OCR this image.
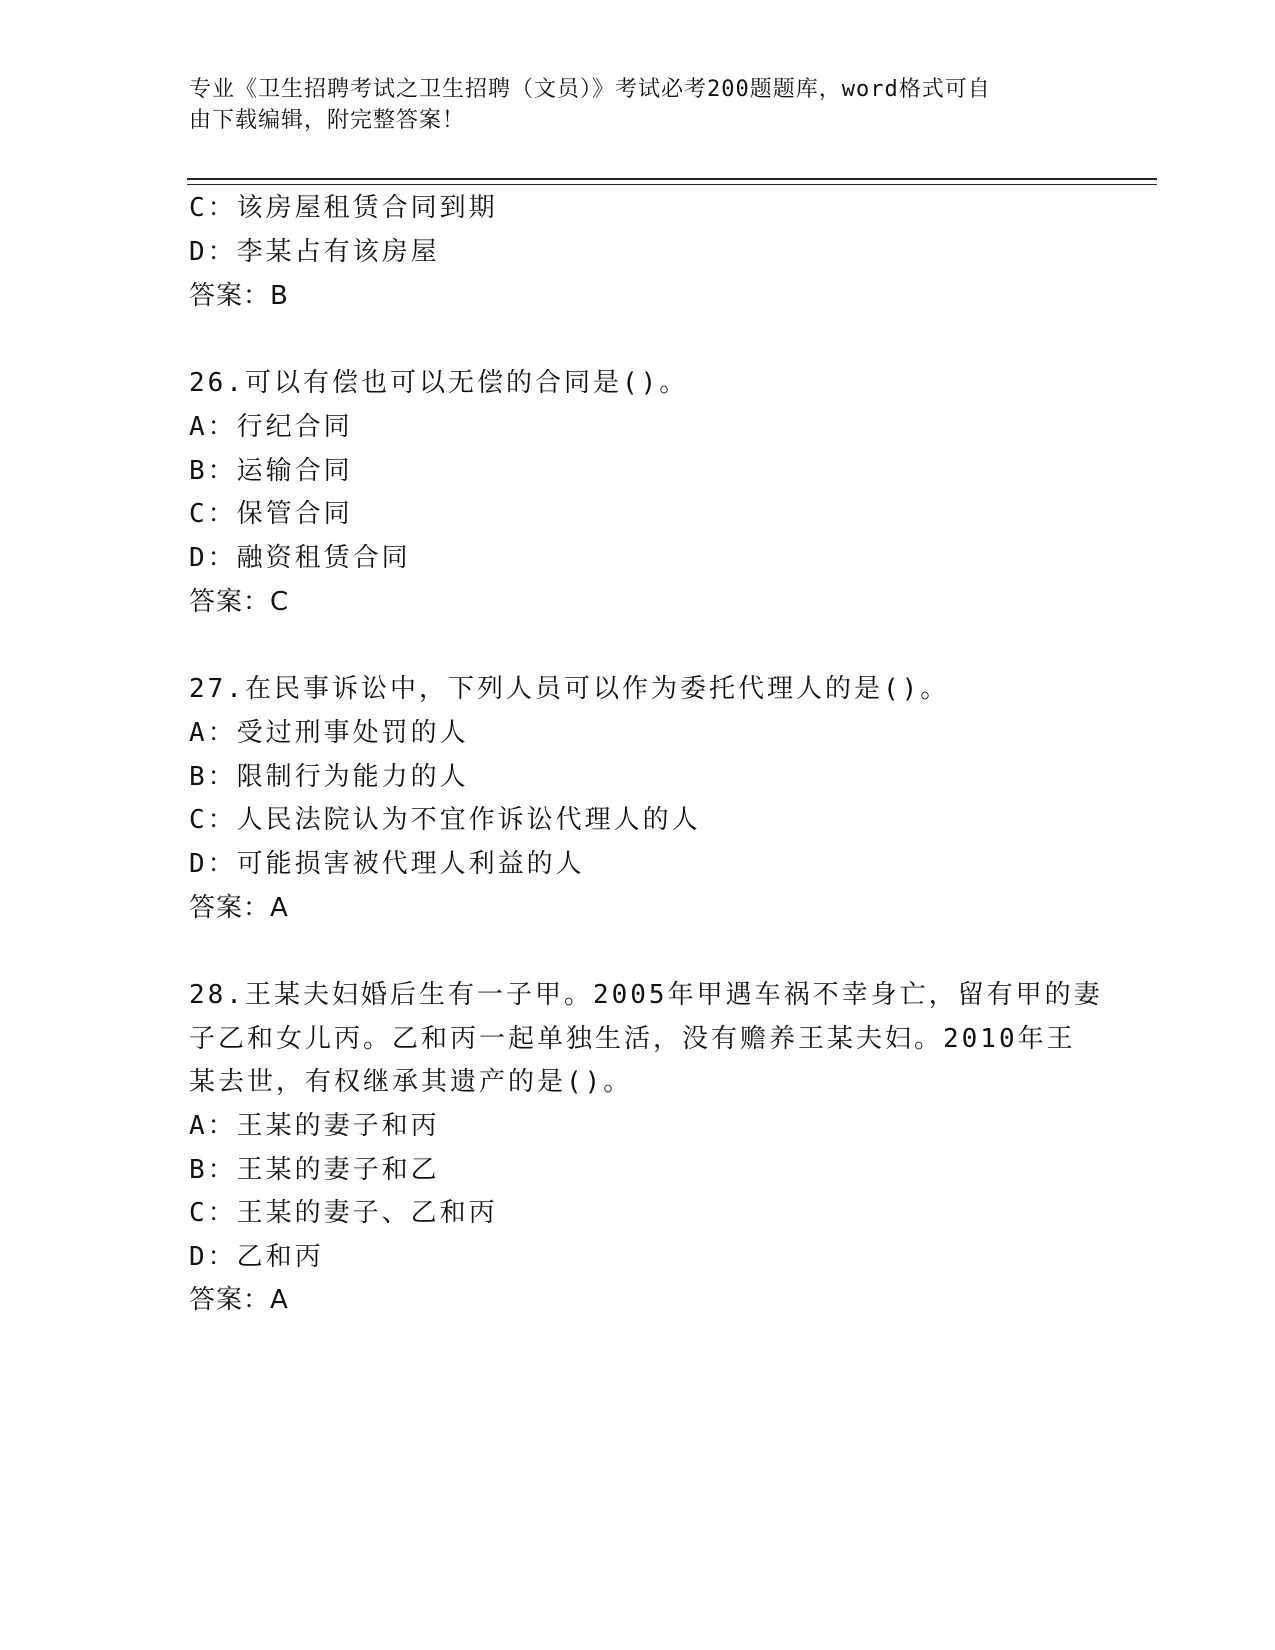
专业《卫生招聘考试之卫生招聘（文员）》考试必考200题题库，word格式可自
由下载编辑，附完整答案！
C：该房屋租赁合同到期
D：李某占有该房屋
答案：B
26.可以有偿也可以无偿的合同是()。
A：行纪合同
B：运输合同
C：保管合同
D：融资租赁合同
答案：C
27.在民事诉讼中，下列人员可以作为委托代理人的是()。
A：受过刑事处罚的人
B：限制行为能力的人
C：人民法院认为不宜作诉讼代理人的人
D：可能损害被代理人利益的人
答案：A
28.王某夫妇婚后生有一子甲。2005年甲遇车祸不幸身亡，留有甲的妻
子乙和女儿丙。乙和丙一起单独生活，没有赡养王某夫妇。2010年王
某去世，有权继承其遗产的是()。
A：王某的妻子和丙
B：王某的妻子和乙
C：王某的妻子、乙和丙
D：乙和丙
答案：A
